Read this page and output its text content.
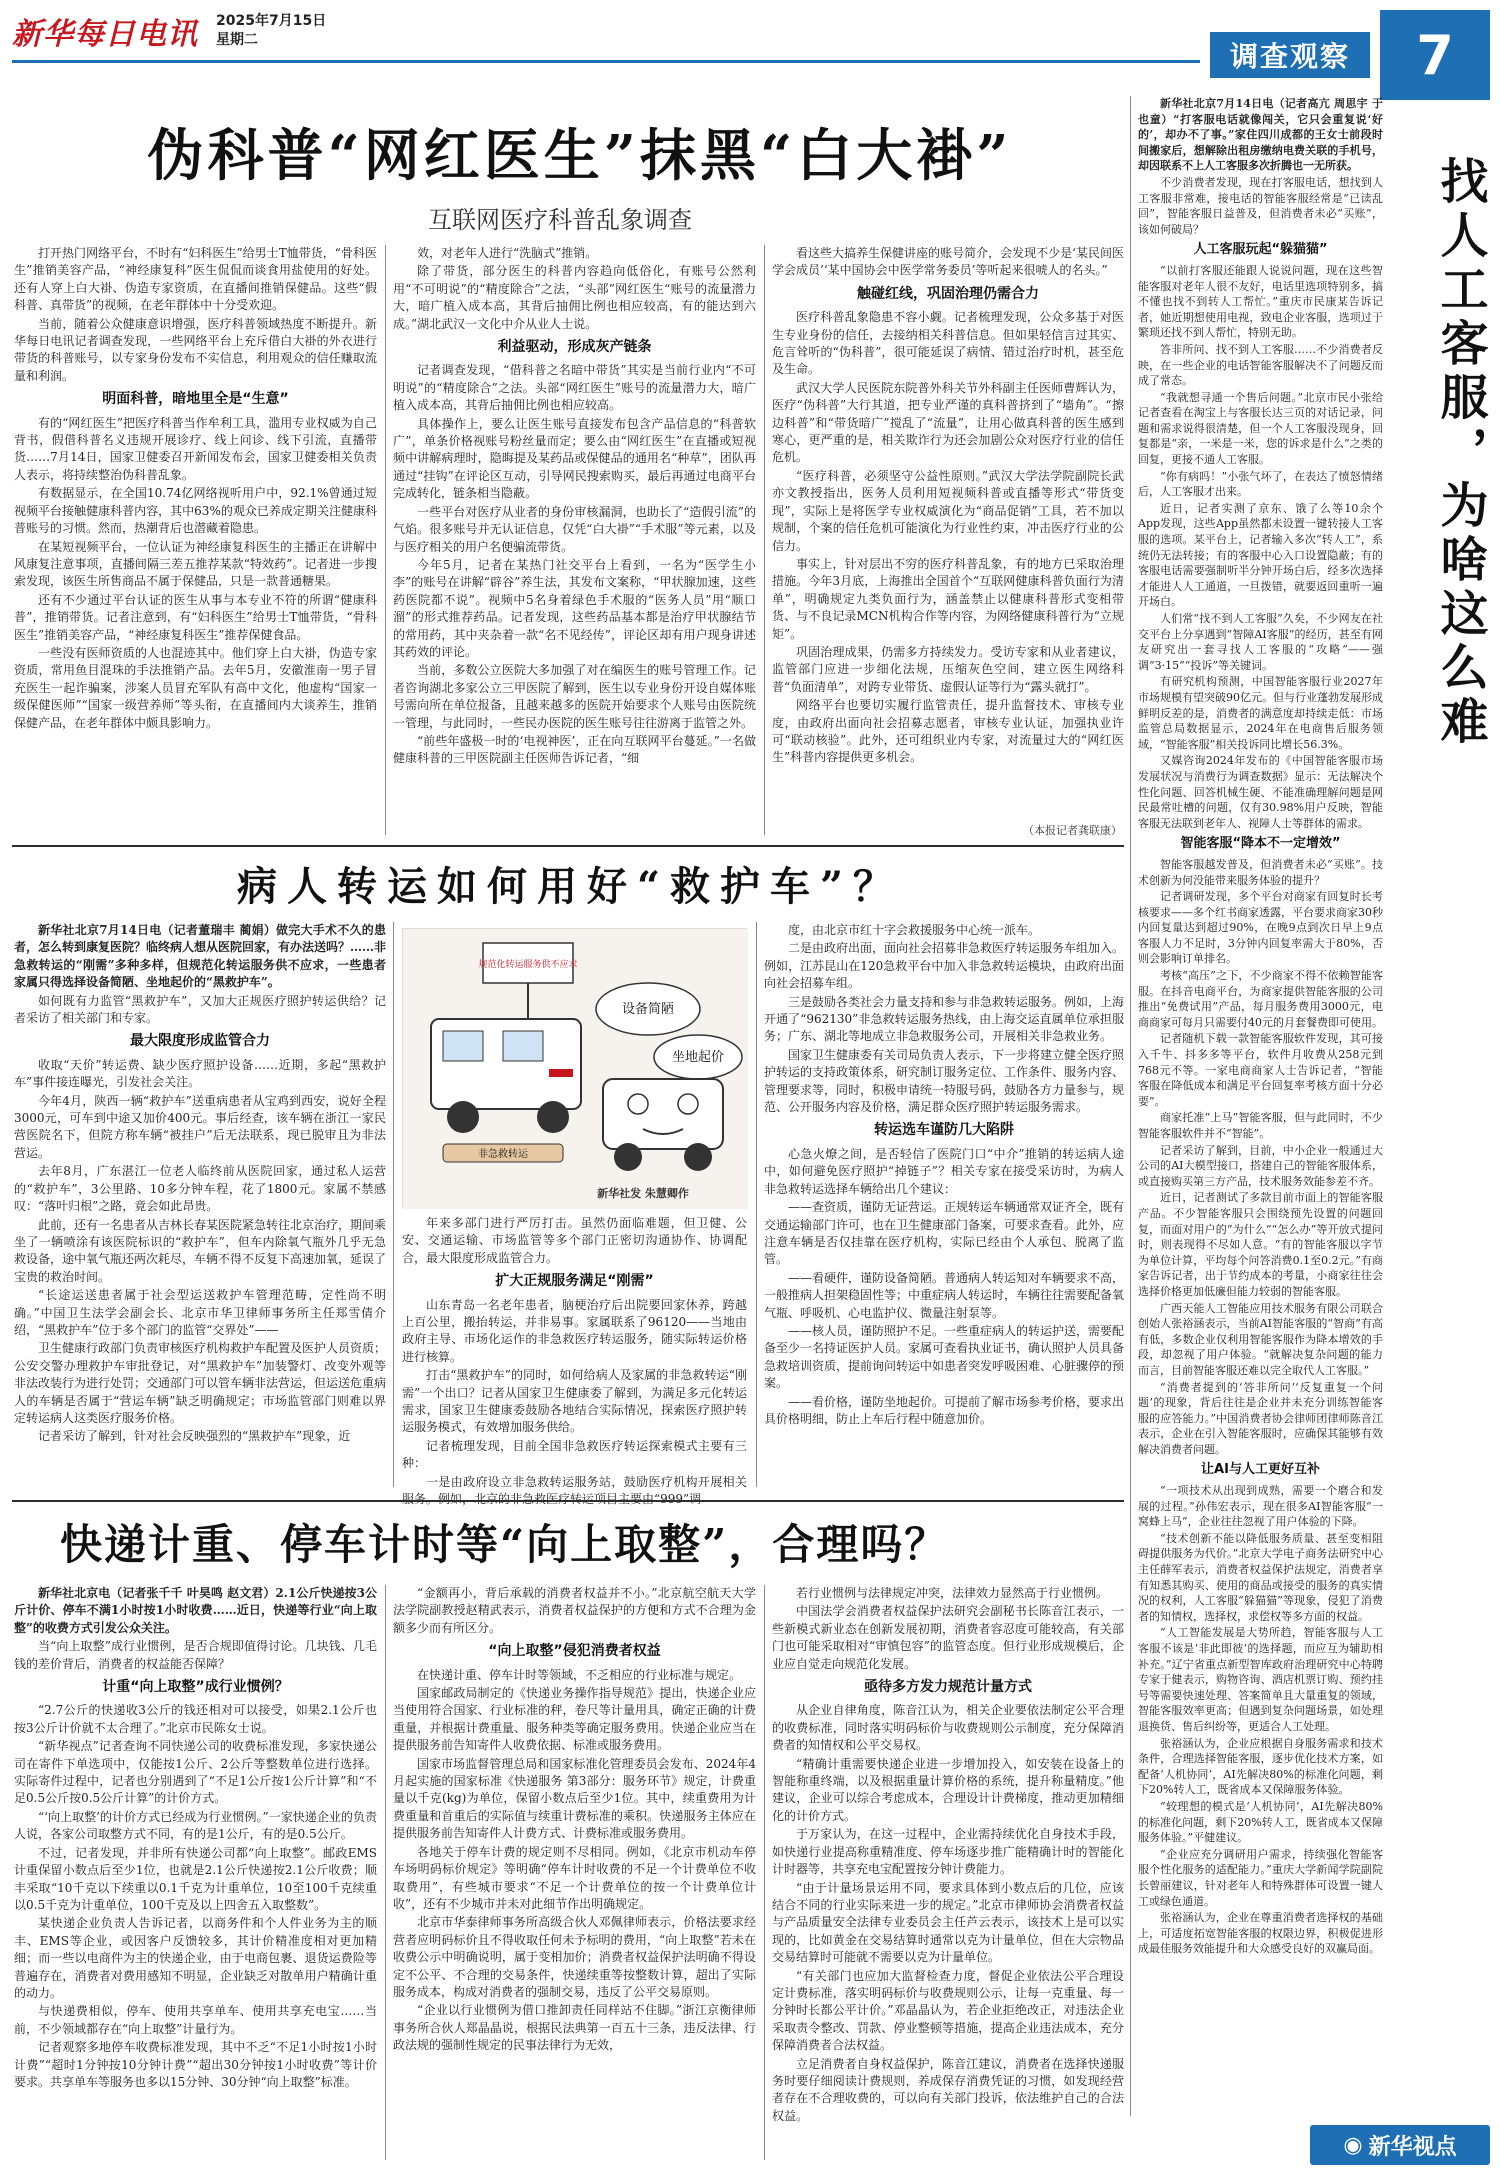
新华每日电讯 2025年7月15日
星期二	调查观察	7
伪科普“网红医生”抹黑“白大褂”
互联网医疗科普乱象调查

打开热门网络平台，不时有“妇科医生”给男士T恤带货，“骨科医生”推销美容产品，“神经康复科”医生侃侃而谈食用盐使用的好处。还有人穿上白大褂、伪造专家资质，在直播间推销保健品。这些“假科普、真带货”的视频，在老年群体中十分受欢迎。

当前，随着公众健康意识增强，医疗科普领域热度不断提升。新华每日电讯记者调查发现，一些网络平台上充斥借白大褂的外衣进行带货的科普账号，以专家身份发布不实信息，利用观众的信任赚取流量和利润。

明面科普，暗地里全是“生意”

有的“网红医生”把医疗科普当作牟利工具，滥用专业权威为自己背书，假借科普名义违规开展诊疗、线上问诊、线下引流，直播带货……7月14日，国家卫健委召开新闻发布会，国家卫健委相关负责人表示，将持续整治伪科普乱象。

有数据显示，在全国10.74亿网络视听用户中，92.1%曾通过短视频平台接触健康科普内容，其中63%的观众已养成定期关注健康科普账号的习惯。然而，热潮背后也潜藏着隐患。

在某短视频平台，一位认证为神经康复科医生的主播正在讲解中风康复注意事项，直播间隔三差五推荐某款“特效药”。记者进一步搜索发现，该医生所售商品不属于保健品，只是一款普通糖果。

还有不少通过平台认证的医生从事与本专业不符的所谓“健康科普”，推销带货。记者注意到，有“妇科医生”给男士T恤带货，“骨科医生”推销美容产品，“神经康复科医生”推荐保健食品。

一些没有医师资质的人也混迹其中。他们穿上白大褂，伪造专家资质，常用鱼目混珠的手法推销产品。去年5月，安徽淮南一男子冒充医生一起诈骗案，涉案人员冒充军队有高中文化，他虚构“国家一级保健医师”“国家一级营养师”等头衔，在直播间内大谈养生，推销保健产品，在老年群体中颇具影响力。

效，对老年人进行“洗脑式”推销。

除了带货，部分医生的科普内容趋向低俗化，有账号公然利用“不可明说”的“精度除合”之法，“头部”网红医生“账号的流量潜力大，暗广植入成本高，其背后抽佣比例也相应较高，有的能达到六成。”湖北武汉一文化中介从业人士说。

利益驱动，形成灰产链条

记者调查发现，“借科普之名暗中带货”其实是当前行业内“不可明说”的“精度除合”之法。头部“网红医生”账号的流量潜力大，暗广植入成本高，其背后抽佣比例也相应较高。

具体操作上，要么让医生账号直接发布包含产品信息的“科普软广”，单条价格视账号粉丝量而定；要么由“网红医生”在直播或短视频中讲解病理时，隐晦提及某药品或保健品的通用名“种草”，团队再通过“挂钩”在评论区互动，引导网民搜索购买，最后再通过电商平台完成转化，链条相当隐蔽。

一些平台对医疗从业者的身份审核漏洞，也助长了“造假引流”的气焰。很多账号并无认证信息，仅凭“白大褂”“手术服”等元素，以及与医疗相关的用户名便骗流带货。

今年5月，记者在某热门社交平台上看到，一名为“医学生小李”的账号在讲解“辟谷”养生法，其发布文案称，“甲状腺加速，这些药医院都不说”。视频中5名身着绿色手术服的“医务人员”用“顺口溜”的形式推荐药品。记者发现，这些药品基本都是治疗甲状腺结节的常用药，其中夹杂着一款“名不见经传”，评论区却有用户现身讲述其药效的评论。

当前，多数公立医院大多加强了对在编医生的账号管理工作。记者咨询湖北多家公立三甲医院了解到，医生以专业身份开设自媒体账号需向所在单位报备，且越来越多的医院开始要求个人账号由医院统一管理，与此同时，一些民办医院的医生账号往往游离于监管之外。

“前些年盛极一时的‘电视神医’，正在向互联网平台蔓延。”一名做健康科普的三甲医院副主任医师告诉记者，“细

看这些大搞养生保健讲座的账号简介，会发现不少是‘某民间医学会成员’‘某中国协会中医学常务委员’等听起来很唬人的名头。”

触碰红线，巩固治理仍需合力

医疗科普乱象隐患不容小觑。记者梳理发现，公众多基于对医生专业身份的信任，去接纳相关科普信息。但如果轻信言过其实、危言耸听的“伪科普”，很可能延误了病情、错过治疗时机，甚至危及生命。

武汉大学人民医院东院普外科关节外科副主任医师曹辉认为，医疗“伪科普”大行其道，把专业严谨的真科普挤到了“墙角”。“擦边科普”和“带货暗广”搅乱了“流量”，让用心做真科普的医生感到寒心，更严重的是，相关欺诈行为还会加剧公众对医疗行业的信任危机。

“医疗科普，必须坚守公益性原则。”武汉大学法学院副院长武亦文教授指出，医务人员利用短视频科普或直播等形式“带货变现”，实际上是将医学专业权威演化为“商品促销”工具，若不加以规制，个案的信任危机可能演化为行业性约束，冲击医疗行业的公信力。

事实上，针对层出不穷的医疗科普乱象，有的地方已采取治理措施。今年3月底，上海推出全国首个“互联网健康科普负面行为清单”，明确规定九类负面行为，涵盖禁止以健康科普形式变相带货、与不良记录MCN机构合作等内容，为网络健康科普行为“立规矩”。

巩固治理成果，仍需多方持续发力。受访专家和从业者建议，监管部门应进一步细化法规，压缩灰色空间，建立医生网络科普“负面清单”，对跨专业带货、虚假认证等行为“露头就打”。

网络平台也要切实履行监管责任，提升监督技术、审核专业度，由政府出面向社会招募志愿者，审核专业认证，加强执业许可“联动核验”。此外，还可组织业内专家，对流量过大的“网红医生”科普内容提供更多机会。

（本报记者龚联康）
病人转运如何用好“救护车”？

新华社北京7月14日电（记者董瑞丰 蔺娟）做完大手术不久的患者，怎么转到康复医院？临终病人想从医院回家，有办法送吗？……非急救转运的“刚需”多种多样，但规范化转运服务供不应求，一些患者家属只得选择设备简陋、坐地起价的“黑救护车”。

如何既有力监管“黑救护车”，又加大正规医疗照护转运供给？记者采访了相关部门和专家。

最大限度形成监管合力

收取“天价”转运费、缺少医疗照护设备……近期，多起“黑救护车”事件接连曝光，引发社会关注。

今年4月，陕西一辆“救护车”送重病患者从宝鸡到西安，说好全程3000元，可车到中途又加价400元。事后经查，该车辆在浙江一家民营医院名下，但院方称车辆“被挂户”后无法联系，现已脱审且为非法营运。

去年8月，广东湛江一位老人临终前从医院回家，通过私人运营的“救护车”，3公里路、10多分钟车程，花了1800元。家属不禁感叹：“落叶归根”之路，竟会如此昂贵。

此前，还有一名患者从吉林长春某医院紧急转往北京治疗，期间乘坐了一辆喷涂有该医院标识的“救护车”，但车内除氧气瓶外几乎无急救设备，途中氧气瓶还两次耗尽，车辆不得不反复下高速加氧，延误了宝贵的救治时间。

“长途运送患者属于社会型运送救护车管理范畴，定性尚不明确。”中国卫生法学会副会长、北京市华卫律师事务所主任郑雪倩介绍，“黑救护车”位于多个部门的监管“交界处”——

卫生健康行政部门负责审核医疗机构救护车配置及医护人员资质；公安交警办理救护车审批登记，对“黑救护车”加装警灯、改变外观等非法改装行为进行处罚；交通部门可以管车辆非法营运，但运送危重病人的车辆是否属于“营运车辆”缺乏明确规定；市场监管部门则难以界定转运病人这类医疗服务价格。

记者采访了解到，针对社会反映强烈的“黑救护车”现象，近

规范化转运服务供不应求
设备简陋
坐地起价
非急救转运
新华社发 朱慧卿作

年来多部门进行严厉打击。虽然仍面临难题，但卫健、公安、交通运输、市场监管等多个部门正密切沟通协作、协调配合，最大限度形成监管合力。

扩大正规服务满足“刚需”

山东青岛一名老年患者，脑梗治疗后出院要回家休养，跨越上百公里，搬抬转运，并非易事。家属联系了96120——当地由政府主导、市场化运作的非急救医疗转运服务，随实际转运价格进行核算。

打击“黑救护车”的同时，如何给病人及家属的非急救转运“刚需”一个出口？记者从国家卫生健康委了解到，为满足多元化转运需求，国家卫生健康委鼓励各地结合实际情况，探索医疗照护转运服务模式，有效增加服务供给。

记者梳理发现，目前全国非急救医疗转运探索模式主要有三种：

一是由政府设立非急救转运服务站，鼓励医疗机构开展相关服务。例如，北京的非急救医疗转运项目主要由“999”调

度，由北京市红十字会救援服务中心统一派车。

二是由政府出面，面向社会招募非急救医疗转运服务车组加入。例如，江苏昆山在120急救平台中加入非急救转运模块，由政府出面向社会招募车组。

三是鼓励各类社会力量支持和参与非急救转运服务。例如，上海开通了“962130”非急救转运服务热线，由上海交运直属单位承担服务；广东、湖北等地成立非急救服务公司，开展相关非急救业务。

国家卫生健康委有关司局负责人表示，下一步将建立健全医疗照护转运的支持政策体系，研究制订服务定位、工作条件、服务内容、管理要求等，同时，积极申请统一特服号码，鼓励各方力量参与，规范、公开服务内容及价格，满足群众医疗照护转运服务需求。

转运选车谨防几大陷阱

心急火燎之间，是否轻信了医院门口“中介”推销的转运病人途中，如何避免医疗照护“掉链子”？相关专家在接受采访时，为病人非急救转运选择车辆给出几个建议：

——查资质，谨防无证营运。正规转运车辆通常双证齐全，既有交通运输部门许可，也在卫生健康部门备案，可要求查看。此外，应注意车辆是否仅挂靠在医疗机构，实际已经由个人承包、脱离了监管。

——看硬件，谨防设备简陋。普通病人转运知对车辆要求不高，一般推病人担架稳固性等；中重症病人转运时，车辆往往需要配备氧气瓶、呼吸机、心电监护仪、微量注射泵等。

——核人员，谨防照护不足。一些重症病人的转运护送，需要配备至少一名持证医护人员。家属可查看执业证书，确认照护人员具备急救培训资质，提前询问转运中如患者突发呼吸困难、心脏骤停的预案。

——看价格，谨防坐地起价。可提前了解市场参考价格，要求出具价格明细，防止上车后行程中随意加价。

快递计重、停车计时等“向上取整”，合理吗？

新华社北京电（记者张千千 叶昊鸣 赵文君）2.1公斤快递按3公斤计价、停车不满1小时按1小时收费……近日，快递等行业“向上取整”的收费方式引发公众关注。

当“向上取整”成行业惯例，是否合规即值得讨论。几块钱、几毛钱的差价背后，消费者的权益能否保障？

计重“向上取整”成行业惯例？

“2.7公斤的快递收3公斤的钱还相对可以接受，如果2.1公斤也按3公斤计价就不太合理了。”北京市民陈女士说。

“新华视点”记者查询不同快递公司的收费标准发现，多家快递公司在寄件下单选项中，仅能按1公斤、2公斤等整数单位进行选择。实际寄件过程中，记者也分别遇到了“不足1公斤按1公斤计算”和“不足0.5公斤按0.5公斤计算”的计价方式。

“‘向上取整’的计价方式已经成为行业惯例。”一家快递企业的负责人说，各家公司取整方式不同，有的是1公斤，有的是0.5公斤。

不过，记者发现，并非所有快递公司都“向上取整”。邮政EMS计重保留小数点后至少1位，也就是2.1公斤快递按2.1公斤收费；顺丰采取“10千克以下续重以0.1千克为计重单位，10至100千克续重以0.5千克为计重单位，100千克及以上四舍五入取整数”。

某快递企业负责人告诉记者，以商务件和个人件业务为主的顺丰、EMS等企业，或因客户反馈较多，其计价精准度相对更加精细；而一些以电商件为主的快递企业，由于电商包裹、退货运费险等普遍存在，消费者对费用感知不明显，企业缺乏对散单用户精确计重的动力。

与快递费相似，停车、使用共享单车、使用共享充电宝……当前，不少领域都存在“向上取整”计量行为。

记者观察多地停车收费标准发现，其中不乏“不足1小时按1小时计费”“超时1分钟按10分钟计费”“超出30分钟按1小时收费”等计价要求。共享单车等服务也多以15分钟、30分钟“向上取整”标准。

“金额再小，背后承载的消费者权益并不小。”北京航空航天大学法学院副教授赵精武表示，消费者权益保护的方便和方式不合理为金额多少而有所区分。

“向上取整”侵犯消费者权益

在快递计重、停车计时等领域，不乏相应的行业标准与规定。

国家邮政局制定的《快递业务操作指导规范》提出，快递企业应当使用符合国家、行业标准的秤，卷尺等计量用具，确定正确的计费重量，并根据计费重量、服务种类等确定服务费用。快递企业应当在提供服务前告知寄件人收费依据、标准或服务费用。

国家市场监督管理总局和国家标准化管理委员会发布、2024年4月起实施的国家标准《快递服务 第3部分：服务环节》规定，计费重量以千克(kg)为单位，保留小数点后至少1位。其中，续重费用为计费重量和首重后的实际值与续重计费标准的乘积。快递服务主体应在提供服务前告知寄件人计费方式、计费标准或服务费用。

各地关于停车计费的规定则不尽相同。例如，《北京市机动车停车场明码标价规定》等明确“停车计时收费的不足一个计费单位不收取费用”，有些城市要求“不足一个计费单位的按一个计费单位计收”，还有不少城市并未对此细节作出明确规定。

北京市华泰律师事务所高级合伙人邓佩律师表示，价格法要求经营者应明码标价且不得收取任何未予标明的费用，“向上取整”若未在收费公示中明确说明，属于变相加价；消费者权益保护法明确不得设定不公平、不合理的交易条件，快递续重等按整数计算，超出了实际服务成本，构成对消费者的强制交易，违反了公平交易原则。

“企业以行业惯例为借口推卸责任同样站不住脚。”浙江京衡律师事务所合伙人郑晶晶说，根据民法典第一百五十三条，违反法律、行政法规的强制性规定的民事法律行为无效，

若行业惯例与法律规定冲突，法律效力显然高于行业惯例。

中国法学会消费者权益保护法研究会副秘书长陈音江表示，一些新模式新业态在创新发展初期，消费者容忍度可能较高，有关部门也可能采取相对“审慎包容”的监管态度。但行业形成规模后，企业应自觉走向规范化发展。

亟待多方发力规范计量方式

从企业自律角度，陈音江认为，相关企业要依法制定公平合理的收费标准，同时落实明码标价与收费规则公示制度，充分保障消费者的知情权和公平交易权。

“精确计重需要快递企业进一步增加投入，如安装在设备上的智能称重终端，以及根据重量计算价格的系统，提升称量精度。”他建议，企业可以综合考虑成本，合理设计计费梯度，推动更加精细化的计价方式。

于万家认为，在这一过程中，企业需持续优化自身技术手段，如快递行业提高称重精准度、停车场逐步推广能精确计时的智能化计时器等，共享充电宝配置按分钟计费能力。

“由于计量场景运用不同，要求具体到小数点后的几位，应该结合不同的行业实际来进一步的规定。”北京市律师协会消费者权益与产品质量安全法律专业委员会主任芦云表示，该技术上是可以实现的，比如黄金在交易结算时通常以克为计量单位，但在大宗物品交易结算时可能就不需要以克为计量单位。

“有关部门也应加大监督检查力度，督促企业依法公平合理设定计费标准，落实明码标价与收费规则公示，让每一克重量、每一分钟时长都公平计价。”邓晶晶认为，若企业拒绝改正，对违法企业采取责令整改、罚款、停业整顿等措施，提高企业违法成本，充分保障消费者合法权益。

立足消费者自身权益保护，陈音江建议，消费者在选择快递服务时要仔细阅读计费规则，养成保存消费凭证的习惯，如发现经营者存在不合理收费的，可以向有关部门投诉，依法维护自己的合法权益。

找人工客服，为啥这么难

新华社北京7月14日电（记者高亢 周思宇 于也童）“打客服电话就像闯关，它只会重复说‘好的’，却办不了事。”家住四川成都的王女士前段时间搬家后，想解除出租房缴纳电费关联的手机号，却因联系不上人工客服多次折腾也一无所获。

不少消费者发现，现在打客服电话，想找到人工客服非常难，接电话的智能客服经常是“已读乱回”，智能客服日益普及，但消费者未必“买账”，该如何破局？

人工客服玩起“躲猫猫”

“以前打客服还能跟人说说问题，现在这些智能客服对老年人很不友好，电话里选项特别多，搞不懂也找不到转人工帮忙。”重庆市民康某告诉记者，她近期想使用电视，致电企业客服，选项过于繁琐还找不到人帮忙，特别无助。

答非所问、找不到人工客服……不少消费者反映，在一些企业的电话智能客服解决不了问题反而成了常态。

“我就想寻通一个售后问题。”北京市民小张给记者查看在淘宝上与客服长达三页的对话记录，问题和需求说得很清楚，但一个人工客服没现身，回复都是“亲，一米是一米，您的诉求是什么”之类的回复，更接不通人工客服。

“你有病吗！”小张气坏了，在表达了愤怒情绪后，人工客服才出来。

近日，记者实测了京东、饿了么等10余个App发现，这些App虽然都未设置一键转接人工客服的选项。某平台上，记者输入多次“转人工”，系统仍无法转接；有的客服中心入口设置隐蔽；有的客服电话需要强制听半分钟开场白后，经多次选择才能进人人工通道，一旦拨错，就要返回重听一遍开场白。

人们常“找不到人工客服”久矣，不少网友在社交平台上分享遇到“智障AI客服”的经历，甚至有网友研究出一套寻找人工客服的“攻略”——强调“3·15”“投诉”等关键词。

有研究机构预测，中国智能客服行业2027年市场规模有望突破90亿元。但与行业蓬勃发展形成鲜明反差的是，消费者的满意度却持续走低：市场监管总局数据显示，2024年在电商售后服务领域，“智能客服”相关投诉同比增长56.3%。

又媒咨询2024年发布的《中国智能客服市场发展状况与消费行为调查数据》显示：无法解决个性化问题、回答机械生硬、不能准确理解问题是网民最常吐槽的问题，仅有30.98%用户反映，智能客服无法联到老年人、视障人士等群体的需求。

智能客服“降本不一定增效”

智能客服越发普及，但消费者未必“买账”。技术创新为何没能带来服务体验的提升？

记者调研发现，多个平台对商家有回复时长考核要求——多个红书商家透露，平台要求商家30秒内回复量达到超过90%，在晚9点到次日早上9点客服人力不足时，3分钟内回复率需大于80%，否则会影响订单排名。

考核“高压”之下，不少商家不得不依赖智能客服。在抖音电商平台，为商家提供智能客服的公司推出“免费试用”产品，每月服务费用3000元，电商商家可每月只需要付40元的月套餐费即可使用。

记者随机下载一款智能客服软件发现，其可接入千牛、抖多多等平台，软件月收费从258元到768元不等。一家电商商家人士告诉记者，“智能客服在降低成本和满足平台回复率考核方面十分必要”。

商家托准“上马”智能客服，但与此同时，不少智能客服软件并不“智能”。

记者采访了解到，目前，中小企业一般通过大公司的AI大模型接口，搭建自己的智能客服体系，或直接购买第三方产品，技术服务效能参差不齐。

近日，记者测试了多款目前市面上的智能客服产品。不少智能客服只会围绕预先设置的问题回复，而面对用户的“为什么”“怎么办”等开放式提问时，则表现得不尽如人意。“有的智能客服以字节为单位计算，平均每个问答消费0.1至0.2元。”有商家告诉记者，出于节约成本的考量，小商家往往会选择价格更加低廉但能力较弱的智能客服。

广西天能人工智能应用技术服务有限公司联合创始人张裕涵表示，当前AI智能客服的“智商”有高有低，多数企业仅利用智能客服作为降本增效的手段，却忽视了用户体验。“就解决复杂问题的能力而言，目前智能客服还难以完全取代人工客服。”

“消费者提到的‘答非所问’‘反复重复一个问题’的现象，背后往往是企业并未充分训练智能客服的应答能力。”中国消费者协会律师团律师陈音江表示，企业在引入智能客服时，应确保其能够有效解决消费者问题。

让AI与人工更好互补

“一项技术从出现到成熟，需要一个磨合和发展的过程。”孙伟宏表示，现在很多AI智能客服“一窝蜂上马”，企业往往忽视了用户体验的下降。

“技术创新不能以降低服务质量、甚至变相阻碍提供服务为代价。”北京大学电子商务法研究中心主任薛军表示，消费者权益保护法规定，消费者享有知悉其购买、使用的商品或接受的服务的真实情况的权利，人工客服“躲猫猫”等现象，侵犯了消费者的知情权，选择权，求偿权等多方面的权益。

“人工智能发展是大势所趋，智能客服与人工客服不该是‘非此即彼’的选择题，而应互为辅助相补充。”辽宁省重点新型智库政府治理研究中心特聘专家于健表示，购物咨询、酒店机票订购、预约挂号等需要快速处理、答案简单且大量重复的领域，智能客服效率更高；但遇到复杂问题场景，如处理退换货、售后纠纷等，更适合人工处理。

张裕涵认为，企业应根据自身服务需求和技术条件，合理选择智能客服，逐步优化技术方案，如配备‘人机协同’，AI先解决80%的标准化问题，剩下20%转人工，既省成本又保障服务体验。

“较理想的模式是‘人机协同’，AI先解决80%的标准化问题，剩下20%转人工，既省成本又保障服务体验。”平健建议。

“企业应充分调研用户需求，持续强化智能客服个性化服务的适配能力。”重庆大学新闻学院副院长曾丽建议，针对老年人和特殊群体可设置一键人工或绿色通道。

张裕涵认为，企业在尊重消费者选择权的基础上，可适度拓宽智能客服的权限边界，积极促进形成最佳服务效能提升和大众感受良好的双赢局面。

◉ 新华视点
